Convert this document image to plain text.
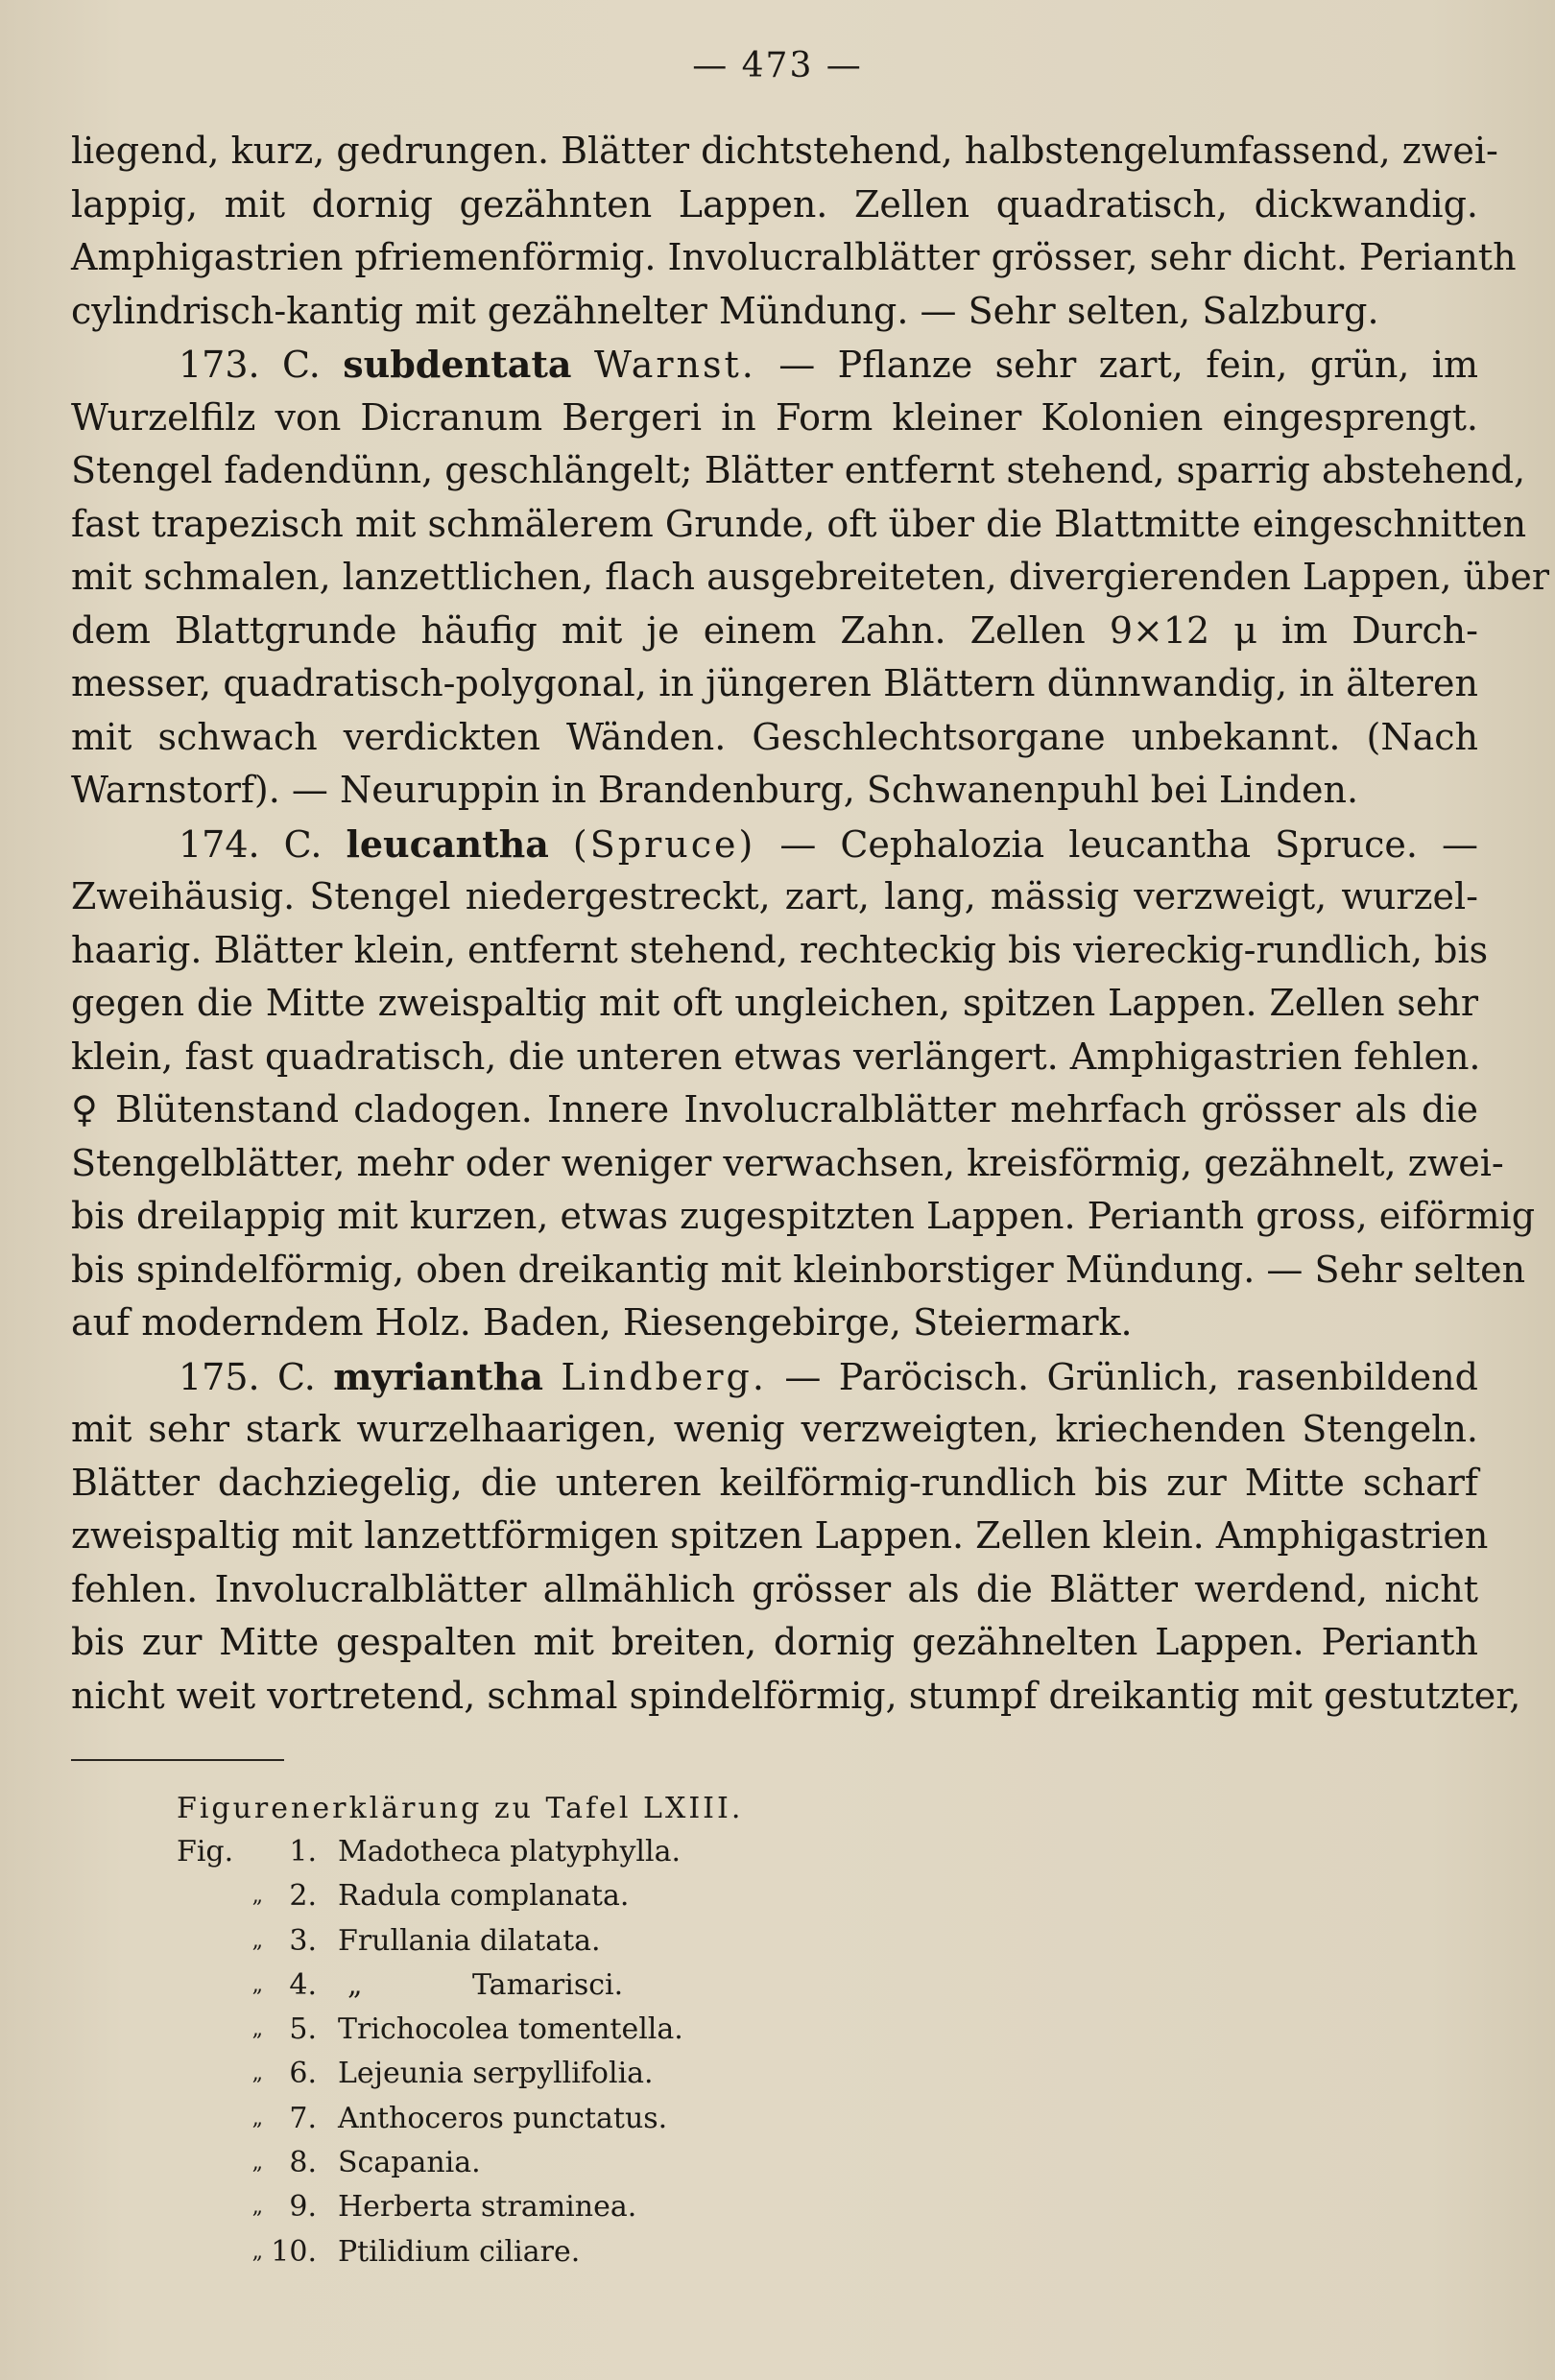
— 473 —
liegend, kurz, gedrungen. Blätter dichtstehend, halbstengelumfassend, zwei-
lappig, mit dornig gezähnten Lappen. Zellen quadratisch, dickwandig.
Amphigastrien pfriemenförmig. Involucralblätter grösser, sehr dicht. Perianth
cylindrisch-kantig mit gezähnelter Mündung. — Sehr selten, Salzburg.
173. C. subdentata Warnst. — Pflanze sehr zart, fein, grün, im
Wurzelfilz von Dicranum Bergeri in Form kleiner Kolonien eingesprengt.
Stengel fadendünn, geschlängelt; Blätter entfernt stehend, sparrig abstehend,
fast trapezisch mit schmälerem Grunde, oft über die Blattmitte eingeschnitten
mit schmalen, lanzettlichen, flach ausgebreiteten, divergierenden Lappen, über
dem Blattgrunde häufig mit je einem Zahn. Zellen 9×12 μ im Durch-
messer, quadratisch-polygonal, in jüngeren Blättern dünnwandig, in älteren
mit schwach verdickten Wänden. Geschlechtsorgane unbekannt. (Nach
Warnstorf). — Neuruppin in Brandenburg, Schwanenpuhl bei Linden.
174. C. leucantha (Spruce) — Cephalozia leucantha Spruce. —
Zweihäusig. Stengel niedergestreckt, zart, lang, mässig verzweigt, wurzel-
haarig. Blätter klein, entfernt stehend, rechteckig bis viereckig-rundlich, bis
gegen die Mitte zweispaltig mit oft ungleichen, spitzen Lappen. Zellen sehr
klein, fast quadratisch, die unteren etwas verlängert. Amphigastrien fehlen.
♀ Blütenstand cladogen. Innere Involucralblätter mehrfach grösser als die
Stengelblätter, mehr oder weniger verwachsen, kreisförmig, gezähnelt, zwei-
bis dreilappig mit kurzen, etwas zugespitzten Lappen. Perianth gross, eiförmig
bis spindelförmig, oben dreikantig mit kleinborstiger Mündung. — Sehr selten
auf moderndem Holz. Baden, Riesengebirge, Steiermark.
175. C. myriantha Lindberg. — Paröcisch. Grünlich, rasenbildend
mit sehr stark wurzelhaarigen, wenig verzweigten, kriechenden Stengeln.
Blätter dachziegelig, die unteren keilförmig-rundlich bis zur Mitte scharf
zweispaltig mit lanzettförmigen spitzen Lappen. Zellen klein. Amphigastrien
fehlen. Involucralblätter allmählich grösser als die Blätter werdend, nicht
bis zur Mitte gespalten mit breiten, dornig gezähnelten Lappen. Perianth
nicht weit vortretend, schmal spindelförmig, stumpf dreikantig mit gestutzter,
Figurenerklärung zu Tafel LXIII.
Fig.	1. Madotheca platyphylla.
„ 2. Radula complanata.
„ 3. Frullania dilatata.
„ 4.	„	Tamarisci.
„ 5. Trichocolea tomentella.
„ 6. Lejeunia serpyllifolia.
„ 7. Anthoceros punctatus.
„ 8. Scapania.
„ 9. Herberta straminea.
„ 10. Ptilidium ciliare.
